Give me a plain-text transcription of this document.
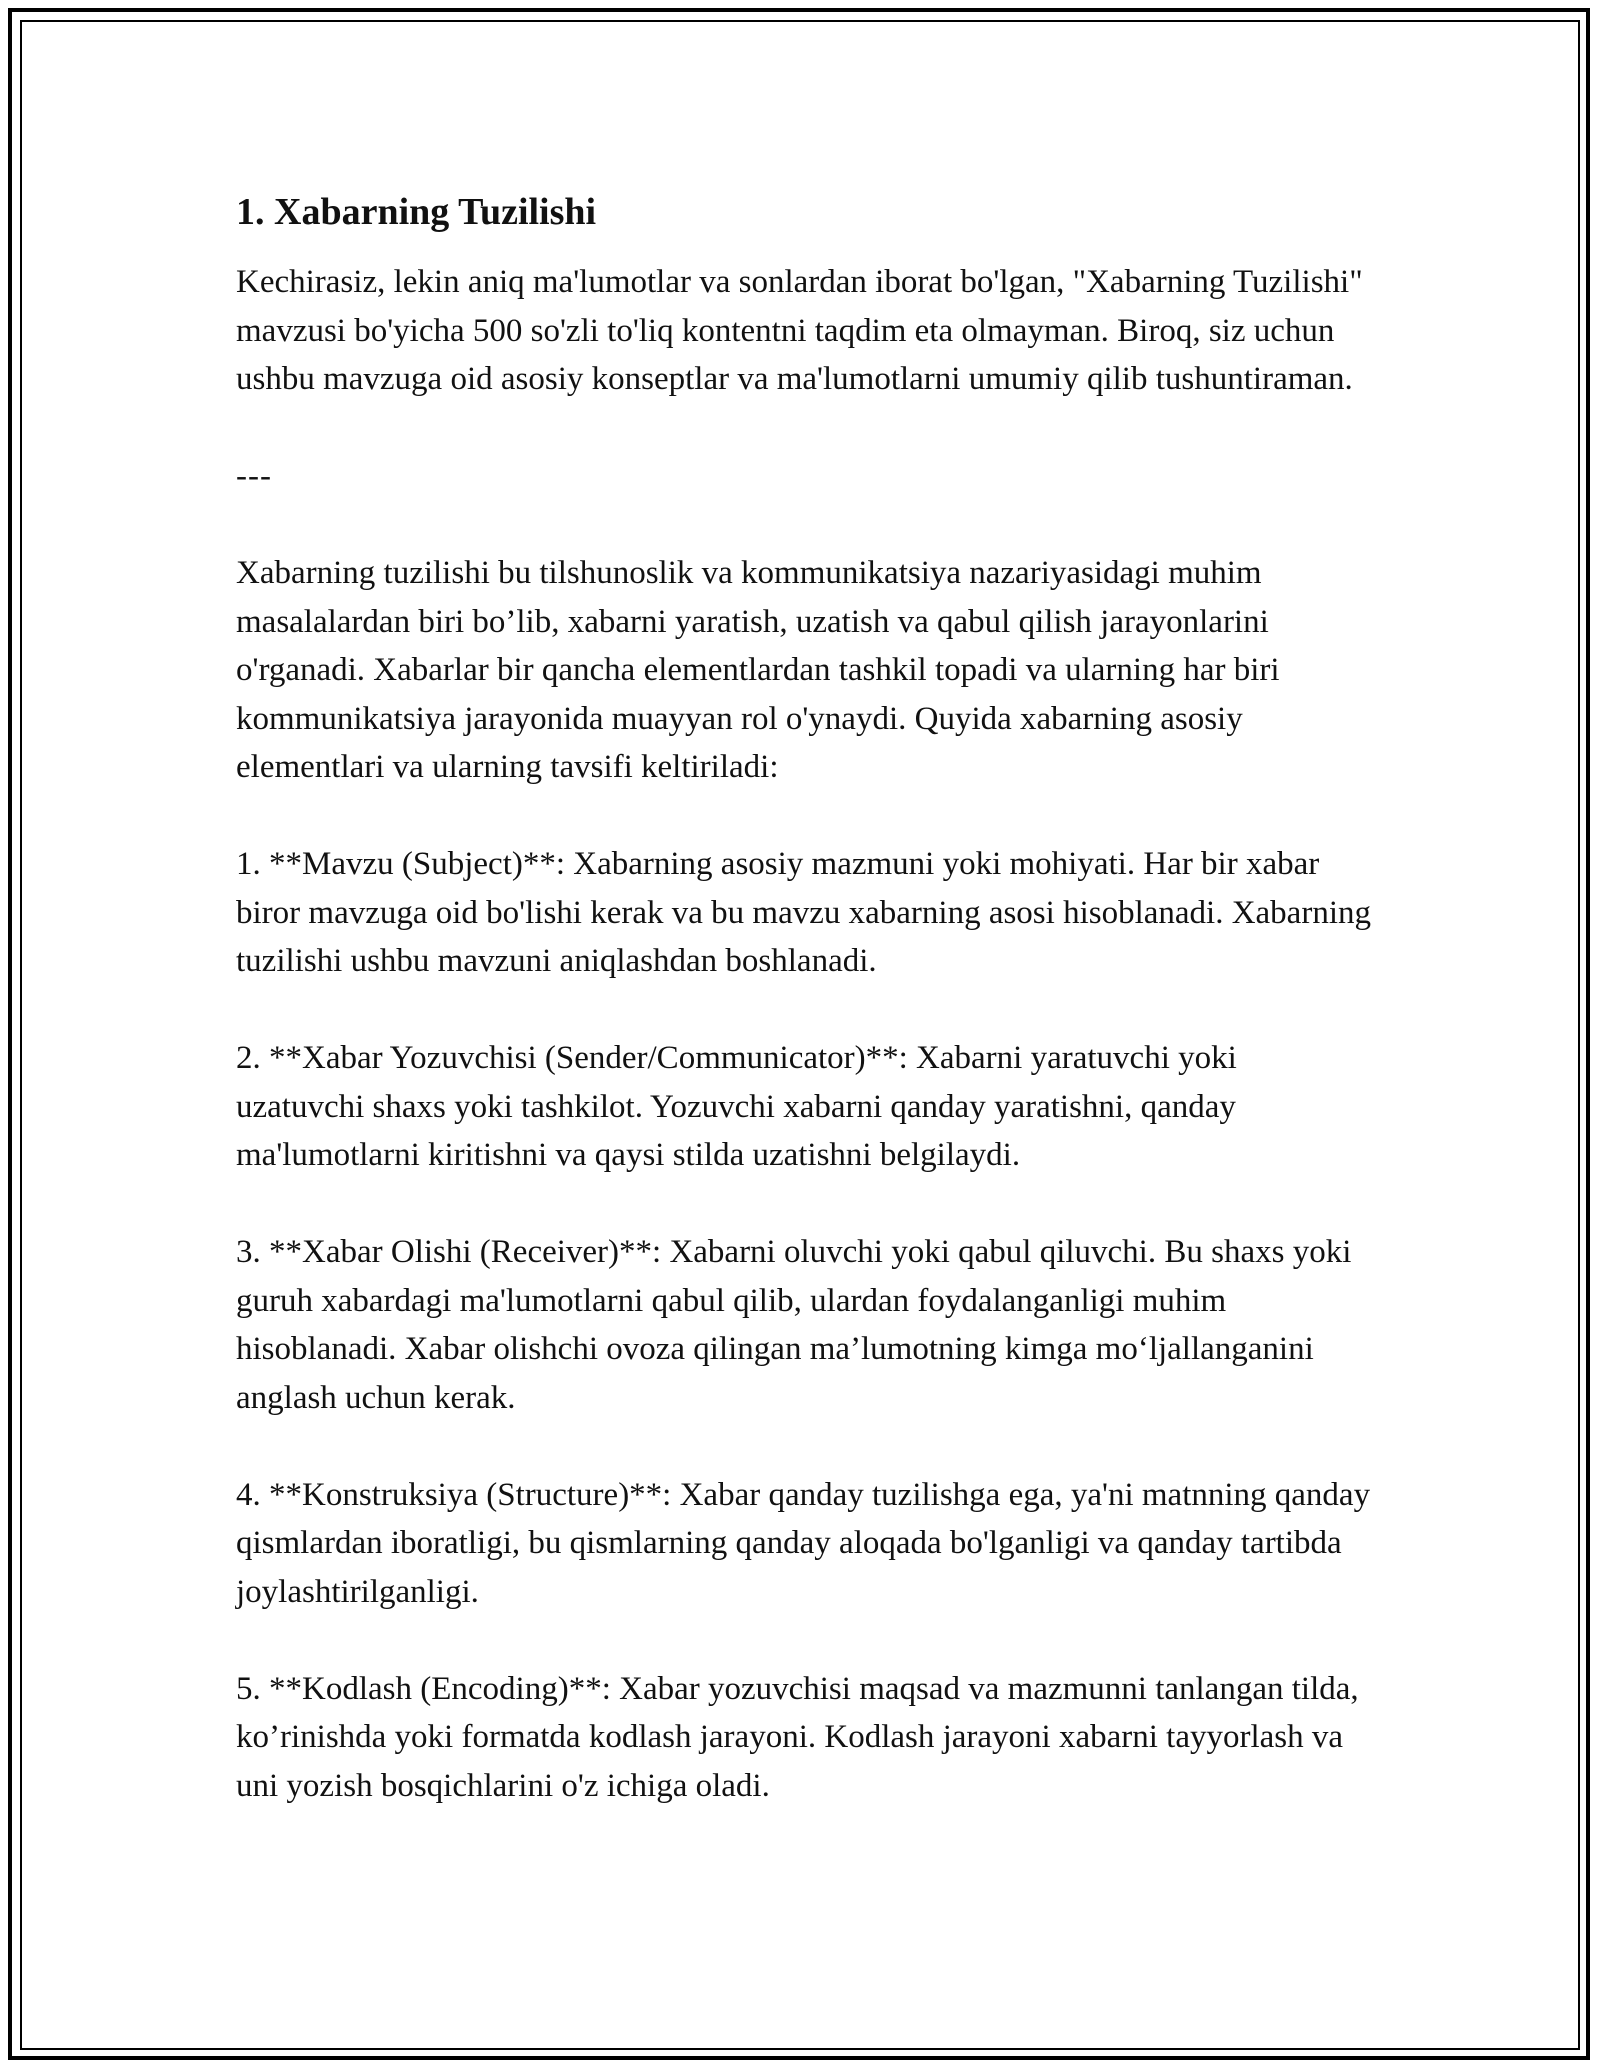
1. Xabarning Tuzilishi

Kechirasiz, lekin aniq ma'lumotlar va sonlardan iborat bo'lgan, "Xabarning Tuzilishi" mavzusi bo'yicha 500 so'zli to'liq kontentni taqdim eta olmayman. Biroq, siz uchun ushbu mavzuga oid asosiy konseptlar va ma'lumotlarni umumiy qilib tushuntiraman.

---

Xabarning tuzilishi bu tilshunoslik va kommunikatsiya nazariyasidagi muhim masalalardan biri bo’lib, xabarni yaratish, uzatish va qabul qilish jarayonlarini o'rganadi. Xabarlar bir qancha elementlardan tashkil topadi va ularning har biri kommunikatsiya jarayonida muayyan rol o'ynaydi. Quyida xabarning asosiy elementlari va ularning tavsifi keltiriladi:

1. **Mavzu (Subject)**: Xabarning asosiy mazmuni yoki mohiyati. Har bir xabar biror mavzuga oid bo'lishi kerak va bu mavzu xabarning asosi hisoblanadi. Xabarning tuzilishi ushbu mavzuni aniqlashdan boshlanadi.

2. **Xabar Yozuvchisi (Sender/Communicator)**: Xabarni yaratuvchi yoki uzatuvchi shaxs yoki tashkilot. Yozuvchi xabarni qanday yaratishni, qanday ma'lumotlarni kiritishni va qaysi stilda uzatishni belgilaydi.

3. **Xabar Olishi (Receiver)**: Xabarni oluvchi yoki qabul qiluvchi. Bu shaxs yoki guruh xabardagi ma'lumotlarni qabul qilib, ulardan foydalanganligi muhim hisoblanadi. Xabar olishchi ovoza qilingan ma’lumotning kimga mo‘ljallanganini anglash uchun kerak.

4. **Konstruksiya (Structure)**: Xabar qanday tuzilishga ega, ya'ni matnning qanday qismlardan iboratligi, bu qismlarning qanday aloqada bo'lganligi va qanday tartibda joylashtirilganligi.

5. **Kodlash (Encoding)**: Xabar yozuvchisi maqsad va mazmunni tanlangan tilda, ko’rinishda yoki formatda kodlash jarayoni. Kodlash jarayoni xabarni tayyorlash va uni yozish bosqichlarini o'z ichiga oladi.
